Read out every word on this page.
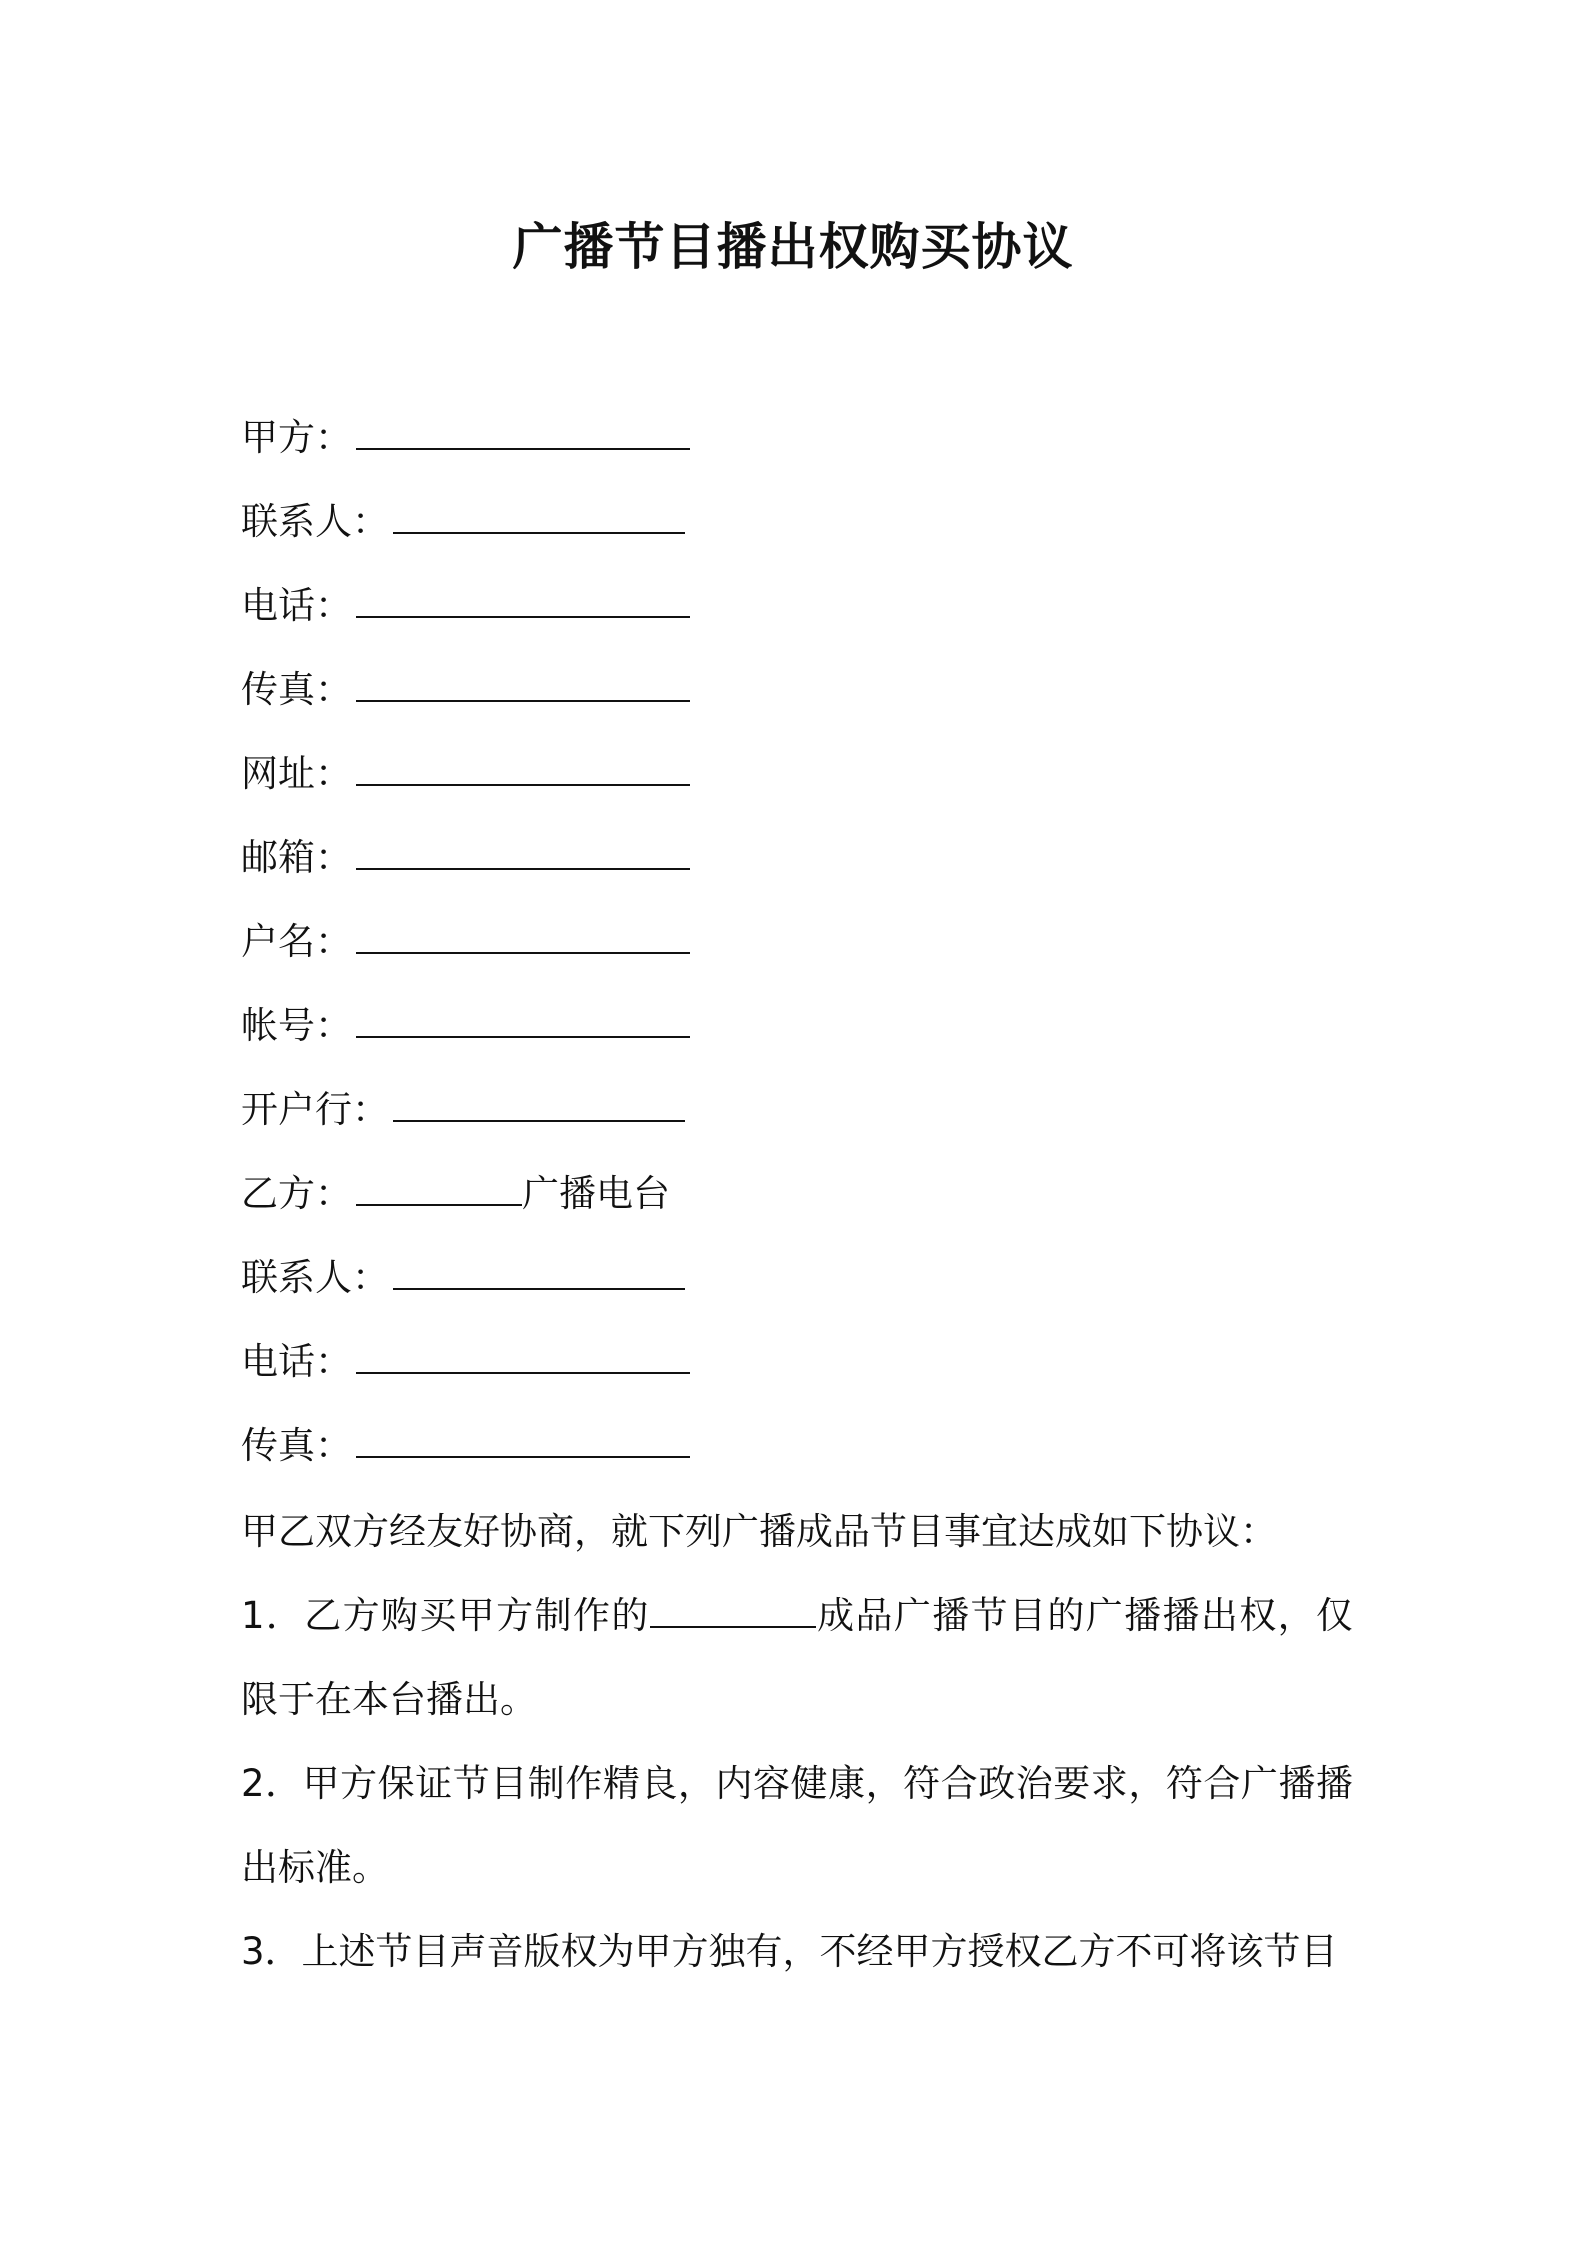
广播节目播出权购买协议
甲方：
联系人：
电话：
传真：
网址：
邮箱：
户名：
帐号：
开户行：
乙方：	广播电台
联系人：
电话：
传真：

甲乙双方经友好协商，就下列广播成品节目事宜达成如下协议：

1．乙方购买甲方制作的	成品广播节目的广播播出权，仅限于在本台播出。

2．甲方保证节目制作精良，内容健康，符合政治要求，符合广播播出标准。

3．上述节目声音版权为甲方独有，不经甲方授权乙方不可将该节目
